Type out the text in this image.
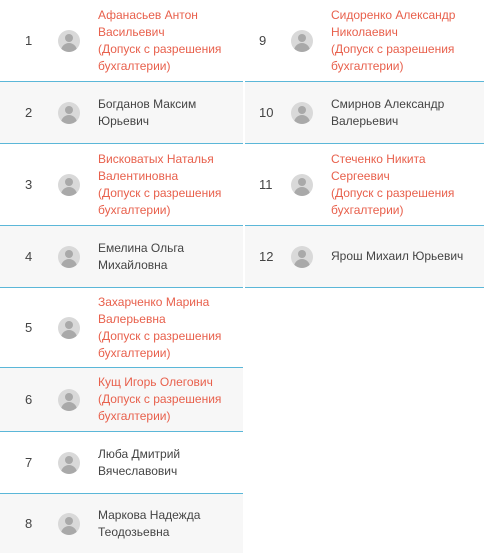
1
Афанасьев Антон
Васильевич
(Допуск с разрешения
бухгалтерии)
2
Богданов Максим
Юрьевич
3
Висковатых Наталья
Валентиновна
(Допуск с разрешения
бухгалтерии)
4
Емелина Ольга
Михайловна
5
Захарченко Марина
Валерьевна
(Допуск с разрешения
бухгалтерии)
6
Кущ Игорь Олегович
(Допуск с разрешения
бухгалтерии)
7
Люба Дмитрий
Вячеславович
8
Маркова Надежда
Теодозьевна
9
Сидоренко Александр
Николаевич
(Допуск с разрешения
бухгалтерии)
10
Смирнов Александр
Валерьевич
11
Стеченко Никита
Сергеевич
(Допуск с разрешения
бухгалтерии)
12	Ярош Михаил Юрьевич
